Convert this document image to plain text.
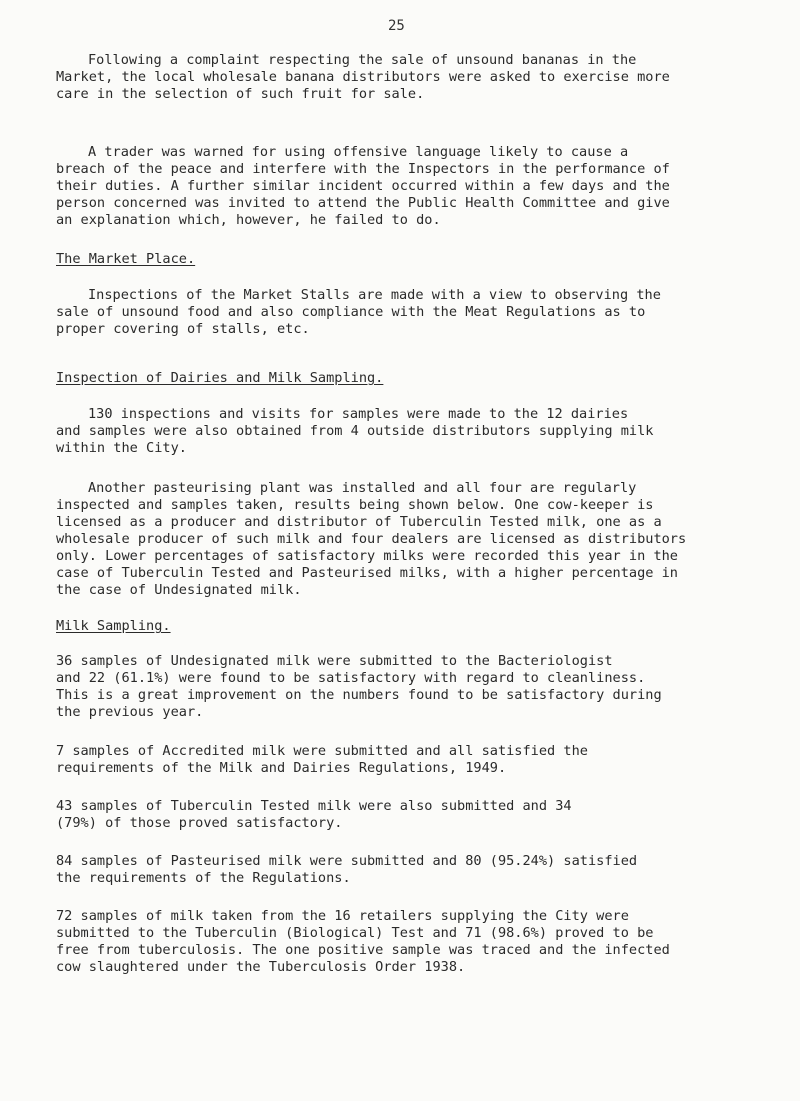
25
Following a complaint respecting the sale of unsound bananas in the
Market, the local wholesale banana distributors were asked to exercise more
care in the selection of such fruit for sale.
A trader was warned for using offensive language likely to cause a
breach of the peace and interfere with the Inspectors in the performance of
their duties. A further similar incident occurred within a few days and the
person concerned was invited to attend the Public Health Committee and give
an explanation which, however, he failed to do.
The Market Place.
Inspections of the Market Stalls are made with a view to observing the
sale of unsound food and also compliance with the Meat Regulations as to
proper covering of stalls, etc.
Inspection of Dairies and Milk Sampling.
130 inspections and visits for samples were made to the 12 dairies
and samples were also obtained from 4 outside distributors supplying milk
within the City.
Another pasteurising plant was installed and all four are regularly
inspected and samples taken, results being shown below. One cow-keeper is
licensed as a producer and distributor of Tuberculin Tested milk, one as a
wholesale producer of such milk and four dealers are licensed as distributors
only. Lower percentages of satisfactory milks were recorded this year in the
case of Tuberculin Tested and Pasteurised milks, with a higher percentage in
the case of Undesignated milk.
Milk Sampling.
36 samples of Undesignated milk were submitted to the Bacteriologist
and 22 (61.1%) were found to be satisfactory with regard to cleanliness.
This is a great improvement on the numbers found to be satisfactory during
the previous year.
7 samples of Accredited milk were submitted and all satisfied the
requirements of the Milk and Dairies Regulations, 1949.
43 samples of Tuberculin Tested milk were also submitted and 34
(79%) of those proved satisfactory.
84 samples of Pasteurised milk were submitted and 80 (95.24%) satisfied
the requirements of the Regulations.
72 samples of milk taken from the 16 retailers supplying the City were
submitted to the Tuberculin (Biological) Test and 71 (98.6%) proved to be
free from tuberculosis. The one positive sample was traced and the infected
cow slaughtered under the Tuberculosis Order 1938.
